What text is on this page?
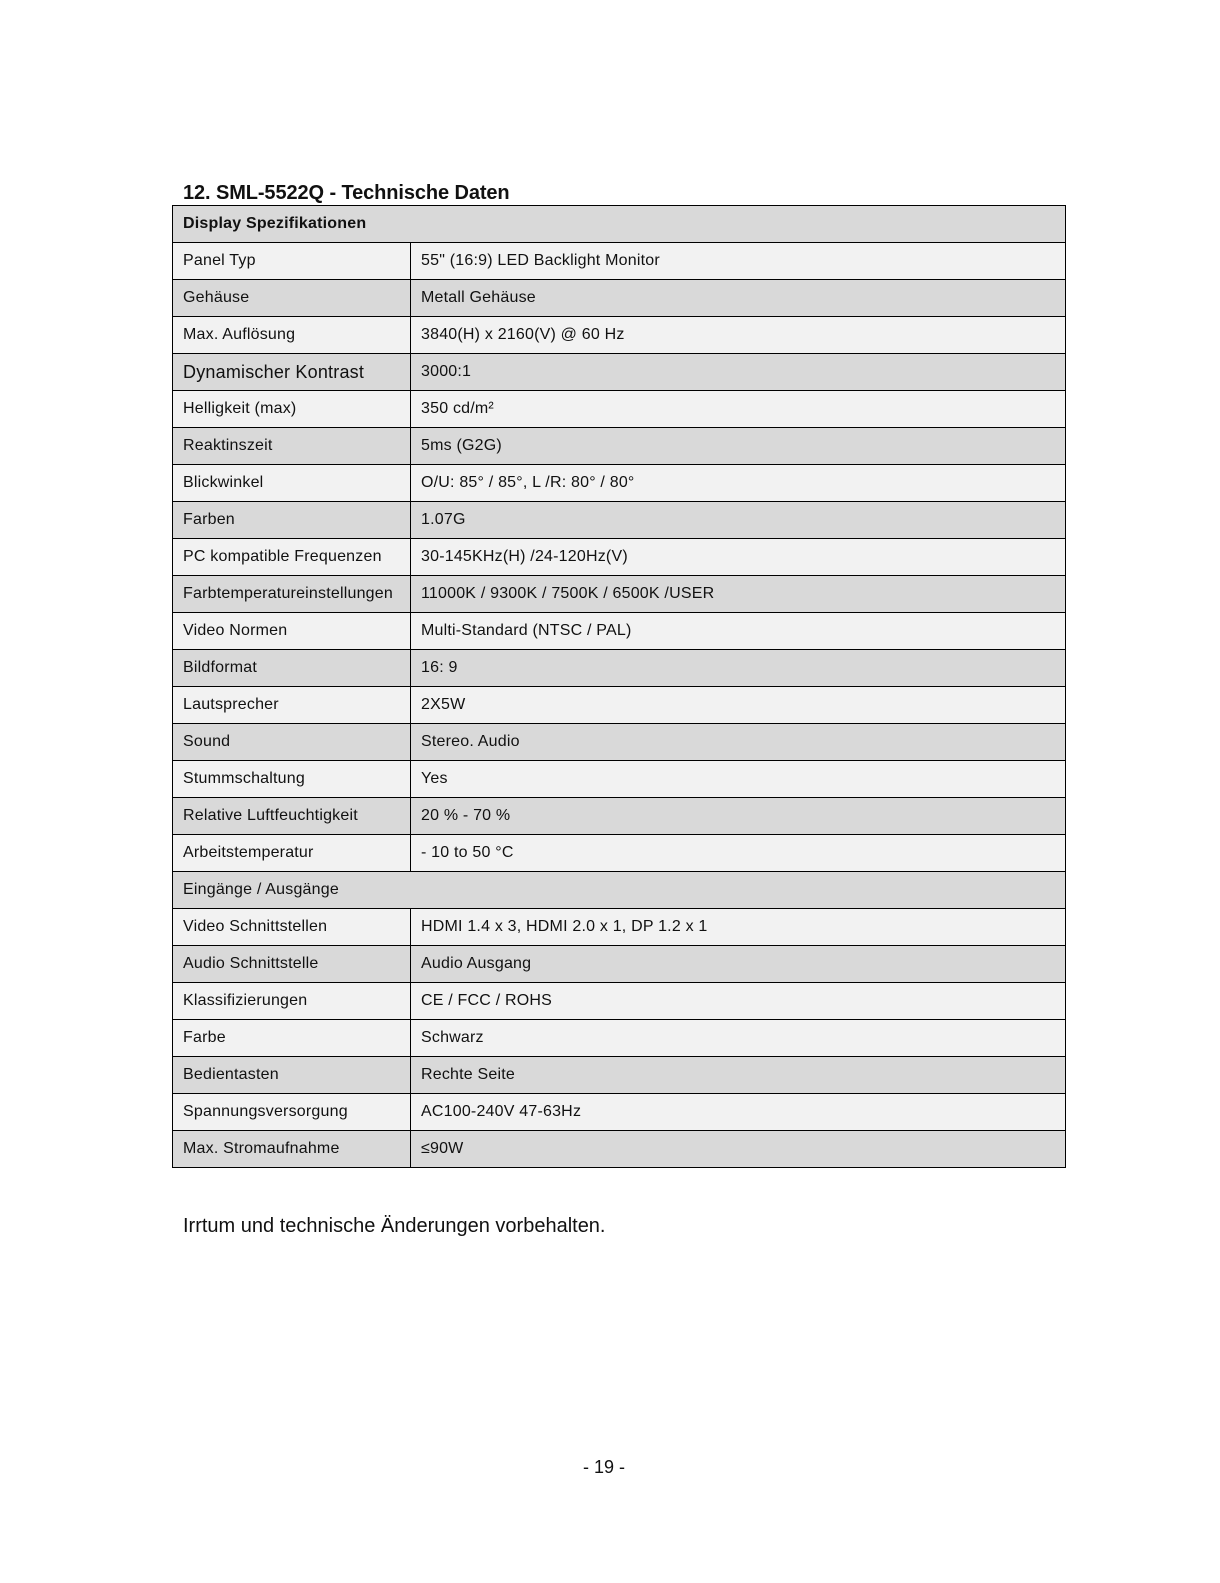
12. SML-5522Q - Technische Daten
Display Spezifikationen	
Panel Typ	55" (16:9) LED Backlight Monitor
Gehäuse	Metall Gehäuse
Max. Auflösung	3840(H) x 2160(V) @ 60 Hz
Dynamischer Kontrast	3000:1
Helligkeit (max)	350 cd/m²
Reaktinszeit	5ms (G2G)
Blickwinkel	O/U: 85° / 85°, L /R: 80° / 80°
Farben	1.07G
PC kompatible Frequenzen	30-145KHz(H) /24-120Hz(V)
Farbtemperatureinstellungen	11000K / 9300K / 7500K / 6500K /USER
Video Normen	Multi-Standard (NTSC / PAL)
Bildformat	16: 9
Lautsprecher	2X5W
Sound	Stereo. Audio
Stummschaltung	Yes
Relative Luftfeuchtigkeit	20 % - 70 %
Arbeitstemperatur	- 10 to 50 °C
Eingänge / Ausgänge	
Video Schnittstellen	HDMI 1.4 x 3, HDMI 2.0 x 1, DP 1.2 x 1
Audio Schnittstelle	Audio Ausgang
Klassifizierungen	CE / FCC / ROHS
Farbe	Schwarz
Bedientasten	Rechte Seite
Spannungsversorgung	AC100-240V 47-63Hz
Max. Stromaufnahme	≤90W

Irrtum und technische Änderungen vorbehalten.

- 19 -
